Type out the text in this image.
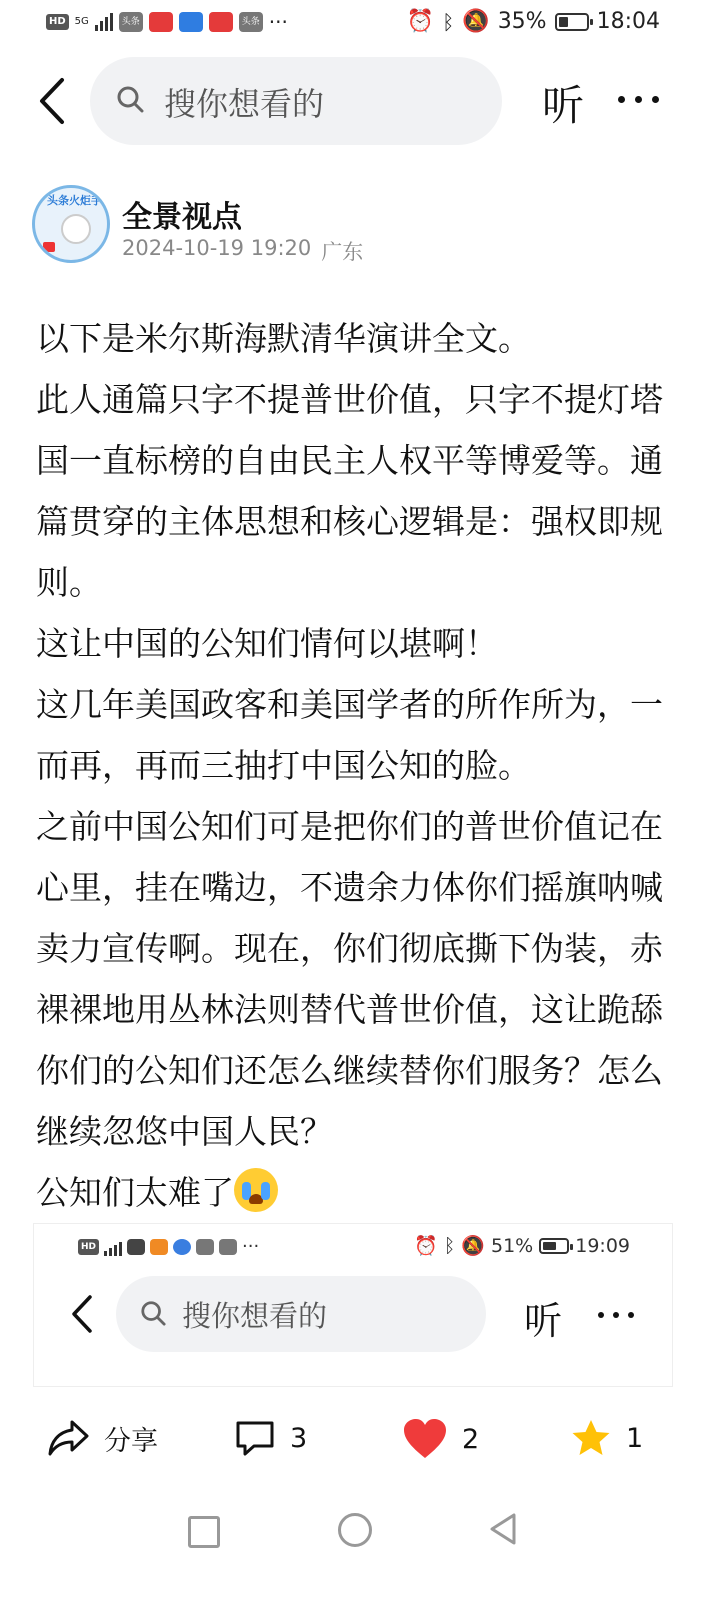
HD 5G	头条	头条 ···	⏰ ᛒ 🔕 35% 18:04
搜你想看的	听
头条火炬手 全景视点
2024-10-19 19:20 广东

以下是米尔斯海默清华演讲全文。

此人通篇只字不提普世价值，只字不提灯塔国一直标榜的自由民主人权平等博爱等。通篇贯穿的主体思想和核心逻辑是：强权即规则。

这让中国的公知们情何以堪啊！

这几年美国政客和美国学者的所作所为，一而再，再而三抽打中国公知的脸。

之前中国公知们可是把你们的普世价值记在心里，挂在嘴边，不遗余力体你们摇旗呐喊卖力宣传啊。现在，你们彻底撕下伪装，赤裸裸地用丛林法则替代普世价值，这让跪舔你们的公知们还怎么继续替你们服务？怎么继续忽悠中国人民？

公知们太难了

HD	···	⏰ ᛒ 🔕 51% 19:09
搜你想看的	听
分享	3	2	1
